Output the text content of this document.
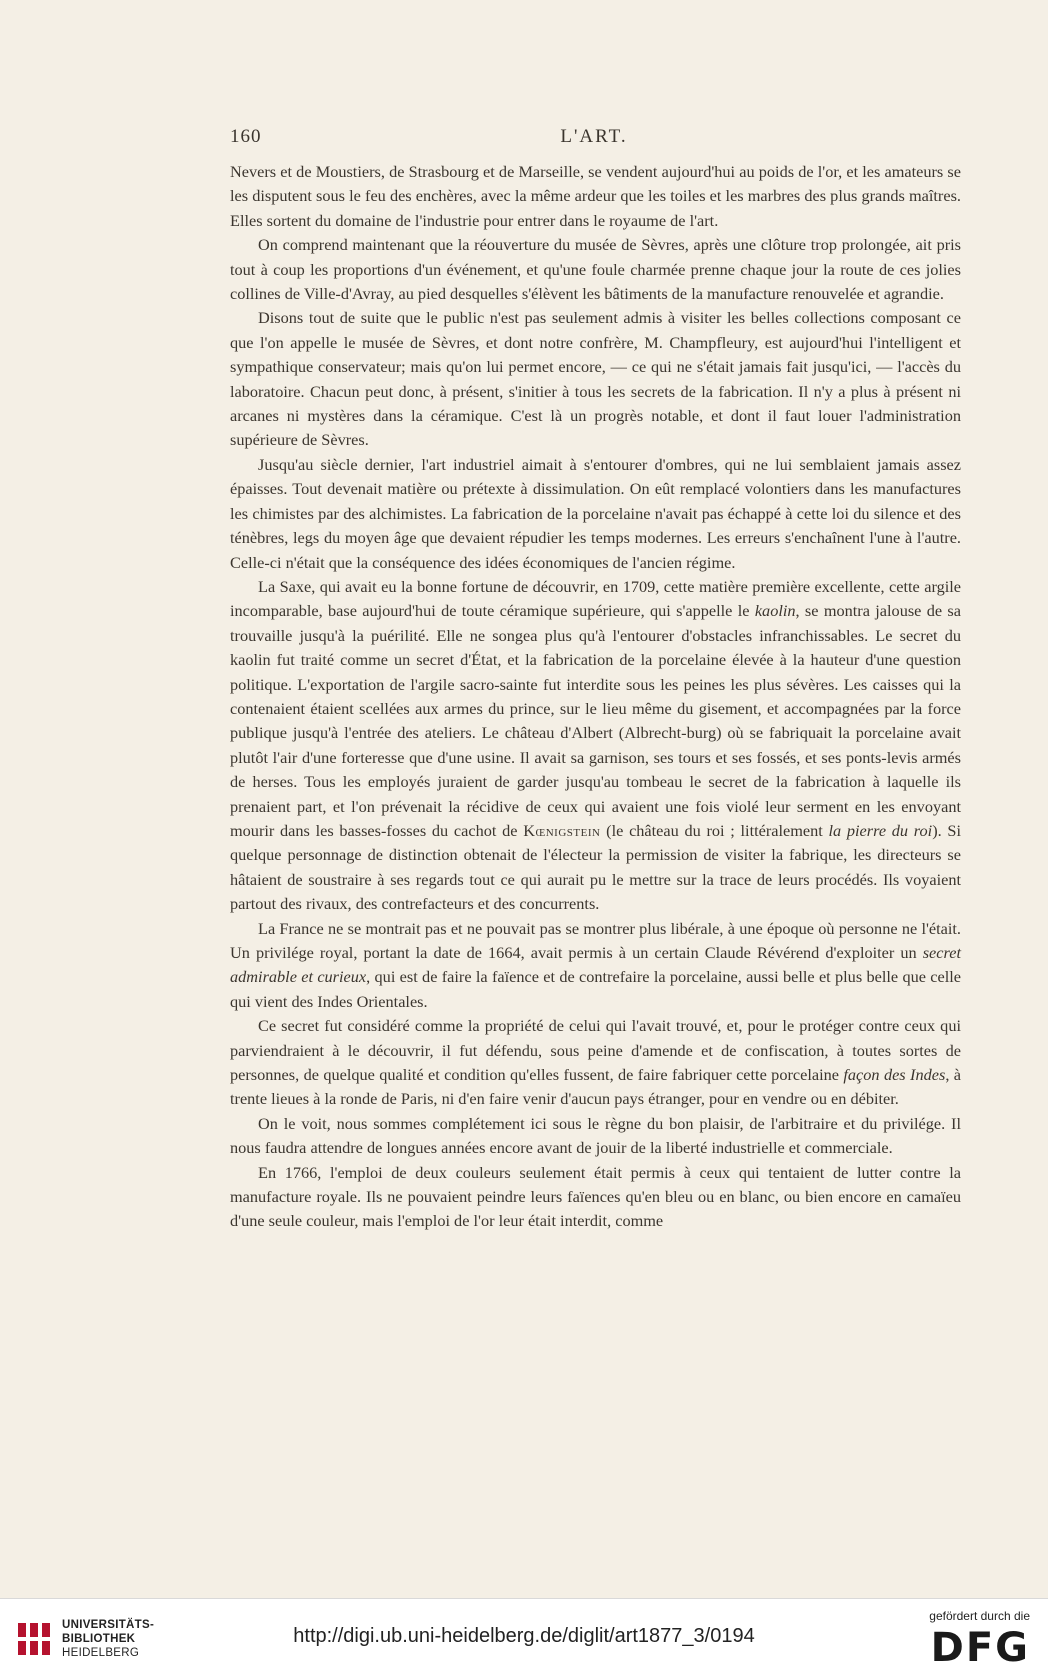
160	L'ART.

Nevers et de Moustiers, de Strasbourg et de Marseille, se vendent aujourd'hui au poids de l'or, et les amateurs se les disputent sous le feu des enchères, avec la même ardeur que les toiles et les marbres des plus grands maîtres. Elles sortent du domaine de l'industrie pour entrer dans le royaume de l'art.

On comprend maintenant que la réouverture du musée de Sèvres, après une clôture trop prolongée, ait pris tout à coup les proportions d'un événement, et qu'une foule charmée prenne chaque jour la route de ces jolies collines de Ville-d'Avray, au pied desquelles s'élèvent les bâtiments de la manufacture renouvelée et agrandie.

Disons tout de suite que le public n'est pas seulement admis à visiter les belles collections composant ce que l'on appelle le musée de Sèvres, et dont notre confrère, M. Champfleury, est aujourd'hui l'intelligent et sympathique conservateur; mais qu'on lui permet encore, — ce qui ne s'était jamais fait jusqu'ici, — l'accès du laboratoire. Chacun peut donc, à présent, s'initier à tous les secrets de la fabrication. Il n'y a plus à présent ni arcanes ni mystères dans la céramique. C'est là un progrès notable, et dont il faut louer l'administration supérieure de Sèvres.

Jusqu'au siècle dernier, l'art industriel aimait à s'entourer d'ombres, qui ne lui semblaient jamais assez épaisses. Tout devenait matière ou prétexte à dissimulation. On eût remplacé volontiers dans les manufactures les chimistes par des alchimistes. La fabrication de la porcelaine n'avait pas échappé à cette loi du silence et des ténèbres, legs du moyen âge que devaient répudier les temps modernes. Les erreurs s'enchaînent l'une à l'autre. Celle-ci n'était que la conséquence des idées économiques de l'ancien régime.

La Saxe, qui avait eu la bonne fortune de découvrir, en 1709, cette matière première excellente, cette argile incomparable, base aujourd'hui de toute céramique supérieure, qui s'appelle le kaolin, se montra jalouse de sa trouvaille jusqu'à la puérilité. Elle ne songea plus qu'à l'entourer d'obstacles infranchissables. Le secret du kaolin fut traité comme un secret d'État, et la fabrication de la porcelaine élevée à la hauteur d'une question politique. L'exportation de l'argile sacro-sainte fut interdite sous les peines les plus sévères. Les caisses qui la contenaient étaient scellées aux armes du prince, sur le lieu même du gisement, et accompagnées par la force publique jusqu'à l'entrée des ateliers. Le château d'Albert (Albrecht-burg) où se fabriquait la porcelaine avait plutôt l'air d'une forteresse que d'une usine. Il avait sa garnison, ses tours et ses fossés, et ses ponts-levis armés de herses. Tous les employés juraient de garder jusqu'au tombeau le secret de la fabrication à laquelle ils prenaient part, et l'on prévenait la récidive de ceux qui avaient une fois violé leur serment en les envoyant mourir dans les basses-fosses du cachot de Kœnigstein (le château du roi ; littéralement la pierre du roi). Si quelque personnage de distinction obtenait de l'électeur la permission de visiter la fabrique, les directeurs se hâtaient de soustraire à ses regards tout ce qui aurait pu le mettre sur la trace de leurs procédés. Ils voyaient partout des rivaux, des contrefacteurs et des concurrents.

La France ne se montrait pas et ne pouvait pas se montrer plus libérale, à une époque où personne ne l'était. Un privilége royal, portant la date de 1664, avait permis à un certain Claude Révérend d'exploiter un secret admirable et curieux, qui est de faire la faïence et de contrefaire la porcelaine, aussi belle et plus belle que celle qui vient des Indes Orientales.

Ce secret fut considéré comme la propriété de celui qui l'avait trouvé, et, pour le protéger contre ceux qui parviendraient à le découvrir, il fut défendu, sous peine d'amende et de confiscation, à toutes sortes de personnes, de quelque qualité et condition qu'elles fussent, de faire fabriquer cette porcelaine façon des Indes, à trente lieues à la ronde de Paris, ni d'en faire venir d'aucun pays étranger, pour en vendre ou en débiter.

On le voit, nous sommes complétement ici sous le règne du bon plaisir, de l'arbitraire et du privilége. Il nous faudra attendre de longues années encore avant de jouir de la liberté industrielle et commerciale.

En 1766, l'emploi de deux couleurs seulement était permis à ceux qui tentaient de lutter contre la manufacture royale. Ils ne pouvaient peindre leurs faïences qu'en bleu ou en blanc, ou bien encore en camaïeu d'une seule couleur, mais l'emploi de l'or leur était interdit, comme

UNIVERSITÄTS-
BIBLIOTHEK
HEIDELBERG
http://digi.ub.uni-heidelberg.de/diglit/art1877_3/0194
gefördert durch die
DFG
